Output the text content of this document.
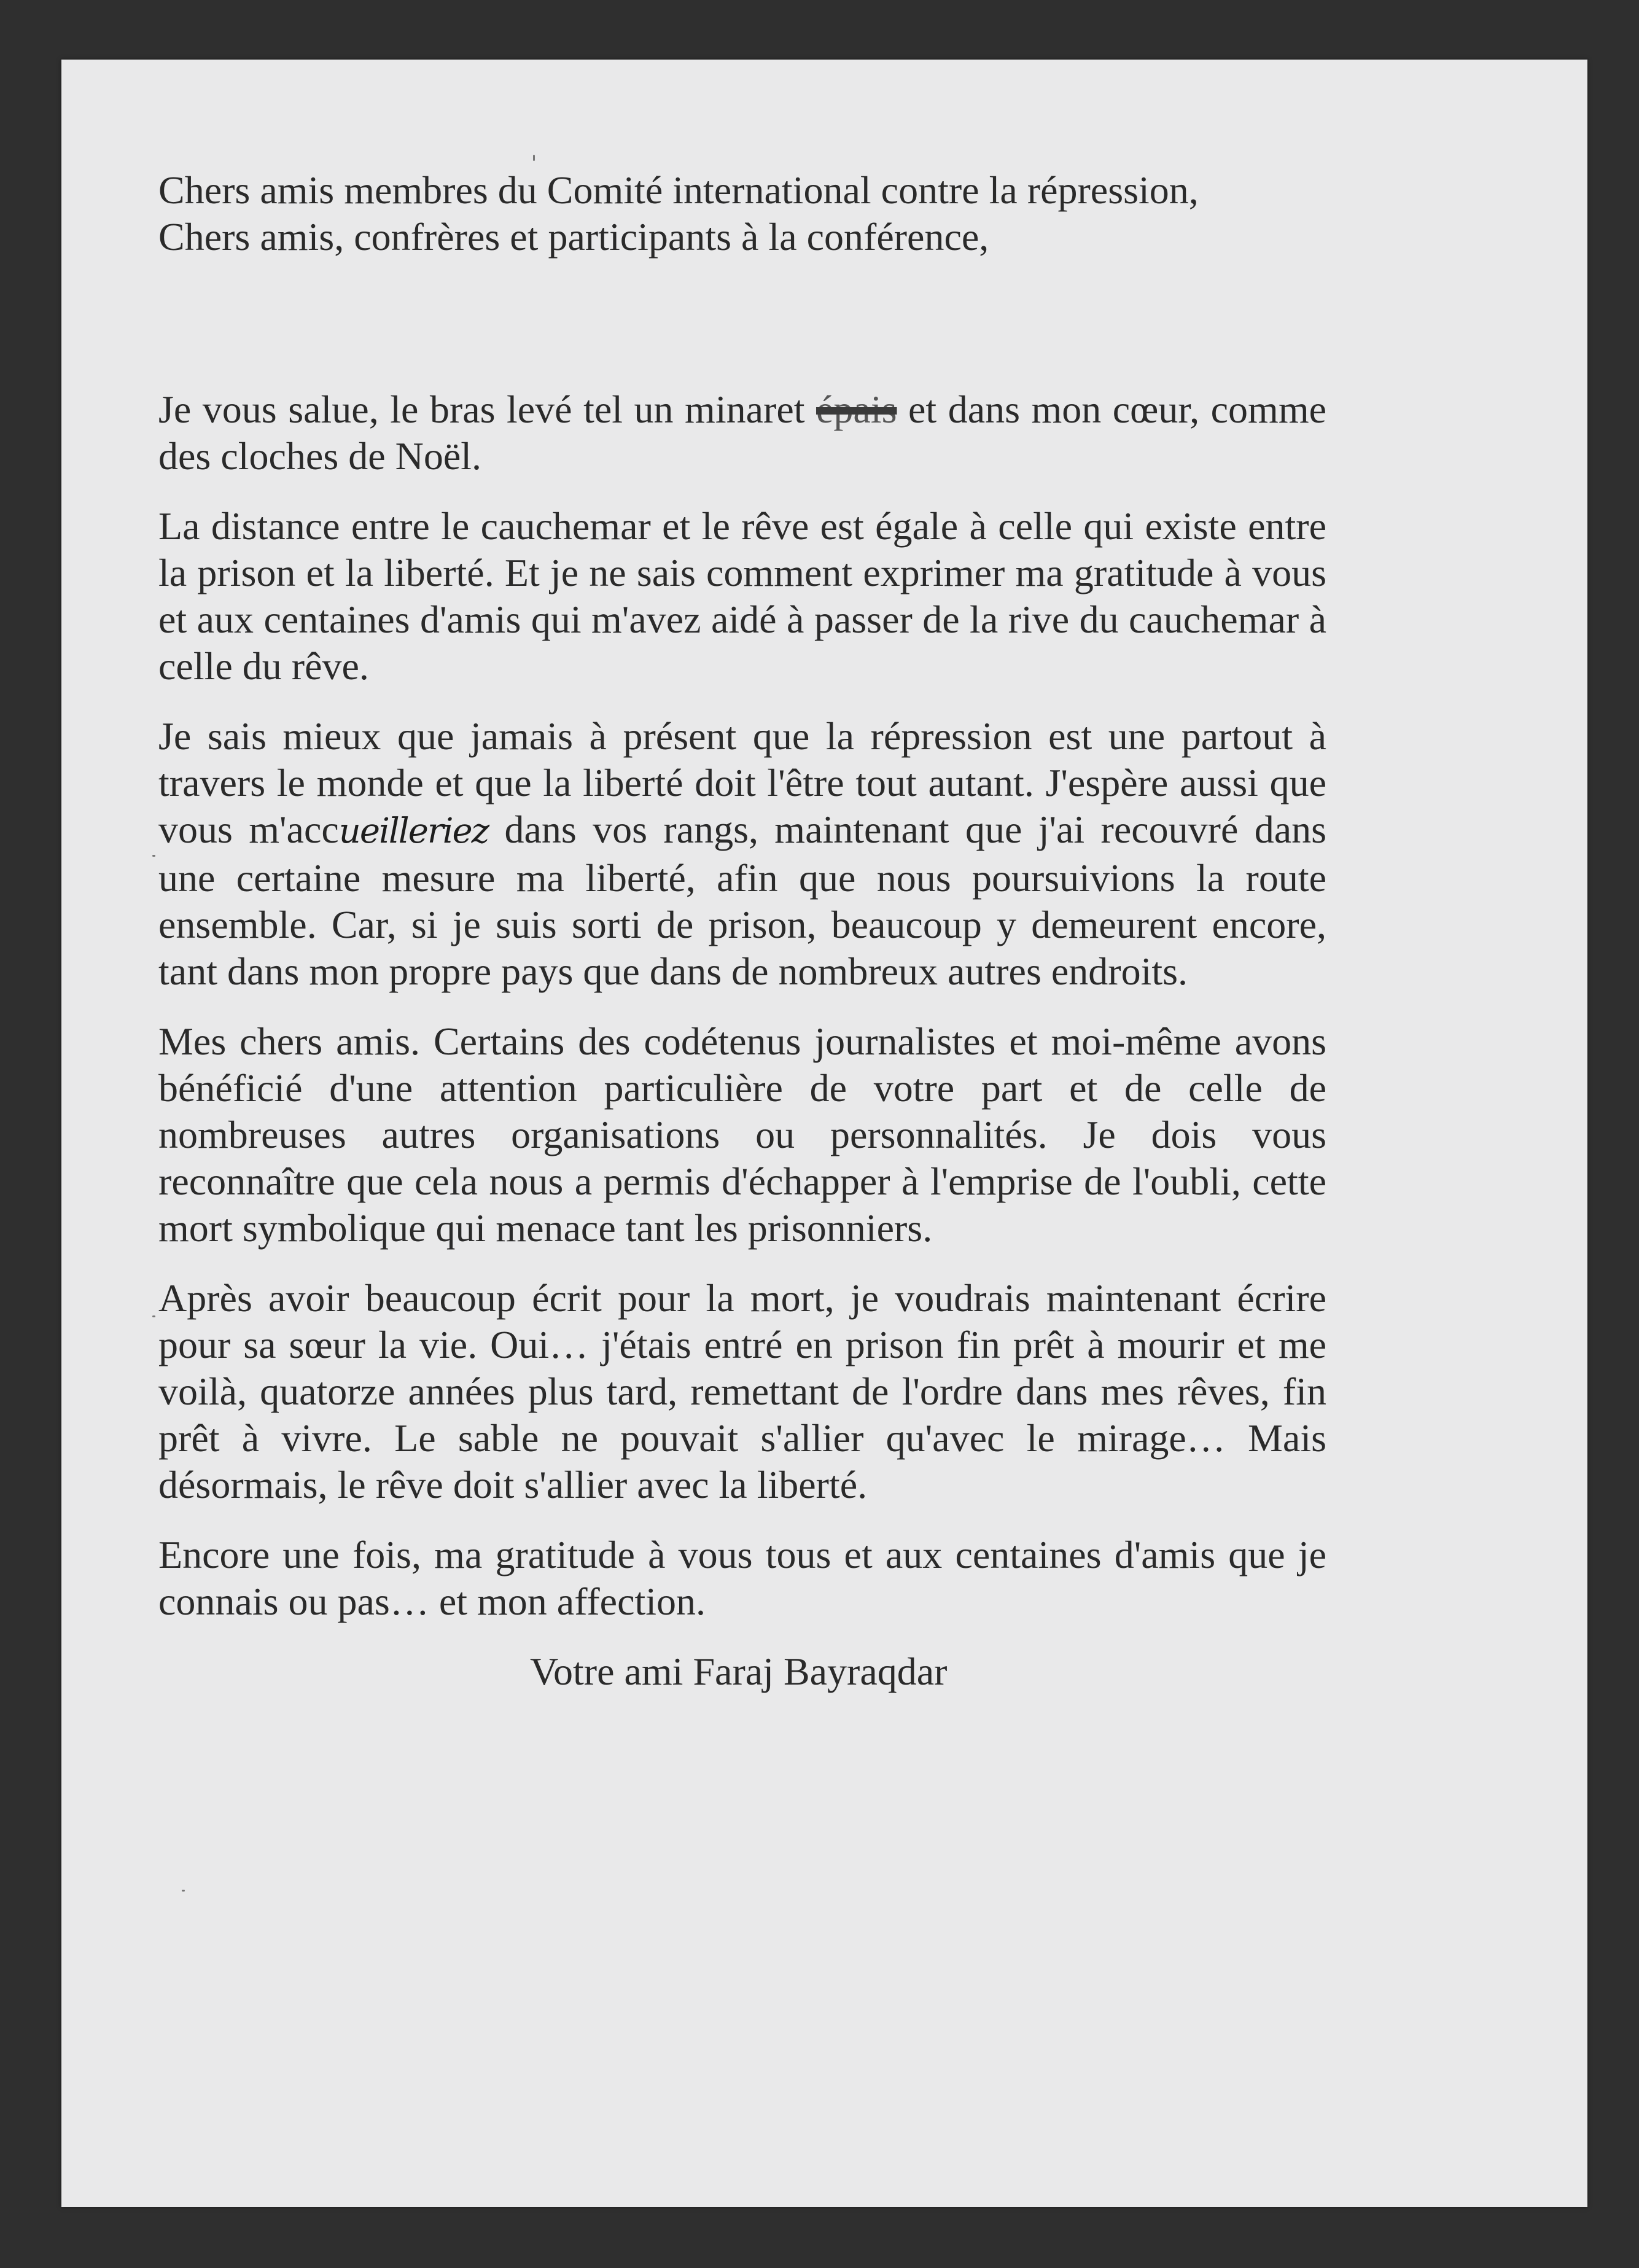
Chers amis membres du Comité international contre la répression,
Chers amis, confrères et participants à la conférence,

Je vous salue, le bras levé tel un minaret épais et dans mon cœur, comme des cloches de Noël.

La distance entre le cauchemar et le rêve est égale à celle qui existe entre la prison et la liberté. Et je ne sais comment exprimer ma gratitude à vous et aux centaines d'amis qui m'avez aidé à passer de la rive du cauchemar à celle du rêve.

Je sais mieux que jamais à présent que la répression est une partout à travers le monde et que la liberté doit l'être tout autant. J'espère aussi que vous m'accueilleriez dans vos rangs, maintenant que j'ai recouvré dans une certaine mesure ma liberté, afin que nous poursuivions la route ensemble. Car, si je suis sorti de prison, beaucoup y demeurent encore, tant dans mon propre pays que dans de nombreux autres endroits.

Mes chers amis. Certains des codétenus journalistes et moi-même avons bénéficié d'une attention particulière de votre part et de celle de nombreuses autres organisations ou personnalités. Je dois vous reconnaître que cela nous a permis d'échapper à l'emprise de l'oubli, cette mort symbolique qui menace tant les prisonniers.

Après avoir beaucoup écrit pour la mort, je voudrais maintenant écrire pour sa sœur la vie. Oui… j'étais entré en prison fin prêt à mourir et me voilà, quatorze années plus tard, remettant de l'ordre dans mes rêves, fin prêt à vivre. Le sable ne pouvait s'allier qu'avec le mirage… Mais désormais, le rêve doit s'allier avec la liberté.

Encore une fois, ma gratitude à vous tous et aux centaines d'amis que je connais ou pas… et mon affection.

Votre ami Faraj Bayraqdar
